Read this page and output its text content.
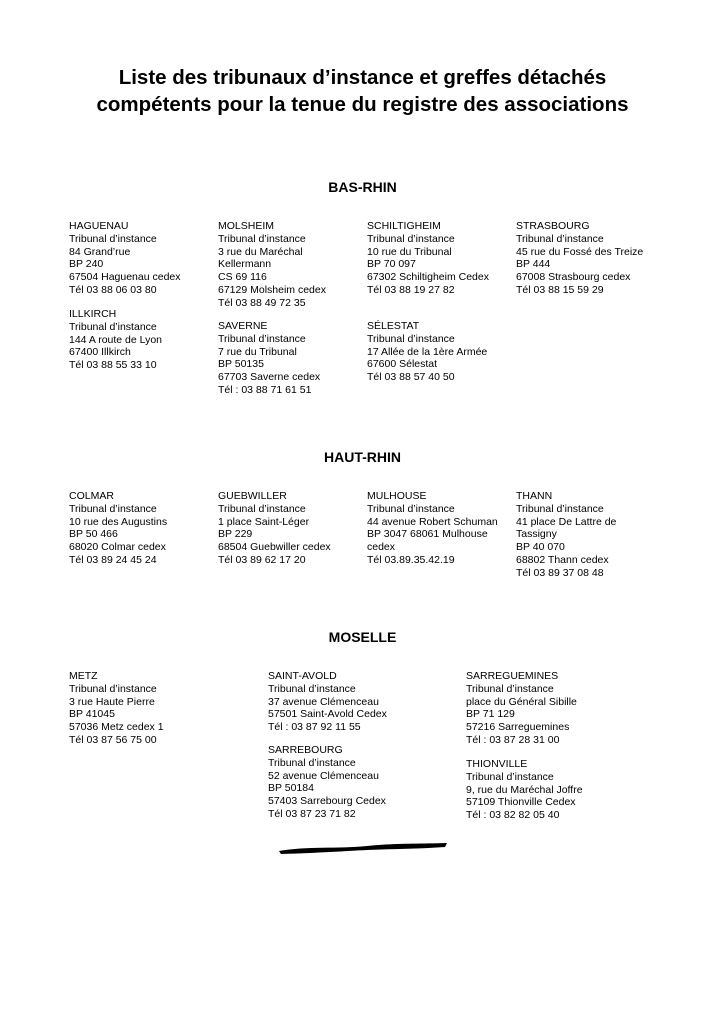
Liste des tribunaux d’instance et greffes détachés
compétents pour la tenue du registre des associations
BAS-RHIN
HAGUENAU
Tribunal d’instance
84 Grand’rue
BP 240
67504 Haguenau cedex
Tél 03 88 06 03 80
MOLSHEIM
Tribunal d’instance
3 rue du Maréchal
Kellermann
CS 69 116
67129 Molsheim cedex
Tél 03 88 49 72 35
SCHILTIGHEIM
Tribunal d’instance
10 rue du Tribunal
BP 70 097
67302 Schiltigheim Cedex
Tél 03 88 19 27 82
STRASBOURG
Tribunal d’instance
45 rue du Fossé des Treize
BP 444
67008 Strasbourg cedex
Tél 03 88 15 59 29
ILLKIRCH
Tribunal d’instance
144 A route de Lyon
67400 Illkirch
Tél 03 88 55 33 10
SAVERNE
Tribunal d’instance
7 rue du Tribunal
BP 50135
67703 Saverne cedex
Tél : 03 88 71 61 51
SÉLESTAT
Tribunal d’instance
17 Allée de la 1ère Armée
67600 Sélestat
Tél 03 88 57 40 50
HAUT-RHIN
COLMAR
Tribunal d’instance
10 rue des Augustins
BP 50 466
68020 Colmar cedex
Tél 03 89 24 45 24
GUEBWILLER
Tribunal d’instance
1 place Saint-Léger
BP 229
68504 Guebwiller cedex
Tél 03 89 62 17 20
MULHOUSE
Tribunal d’instance
44 avenue Robert Schuman
BP 3047 68061 Mulhouse
cedex
Tél 03.89.35.42.19
THANN
Tribunal d’instance
41 place De Lattre de
Tassigny
BP 40 070
68802 Thann cedex
Tél 03 89 37 08 48
MOSELLE
METZ
Tribunal d’instance
3 rue Haute Pierre
BP 41045
57036 Metz cedex 1
Tél 03 87 56 75 00
SAINT-AVOLD
Tribunal d’instance
37 avenue Clémenceau
57501 Saint-Avold Cedex
Tél : 03 87 92 11 55
SARREGUEMINES
Tribunal d’instance
place du Général Sibille
BP 71 129
57216 Sarreguemines
Tél : 03 87 28 31 00
SARREBOURG
Tribunal d’instance
52 avenue Clémenceau
BP 50184
57403 Sarrebourg Cedex
Tél 03 87 23 71 82
THIONVILLE
Tribunal d’instance
9, rue du Maréchal Joffre
57109 Thionville Cedex
Tél : 03 82 82 05 40
